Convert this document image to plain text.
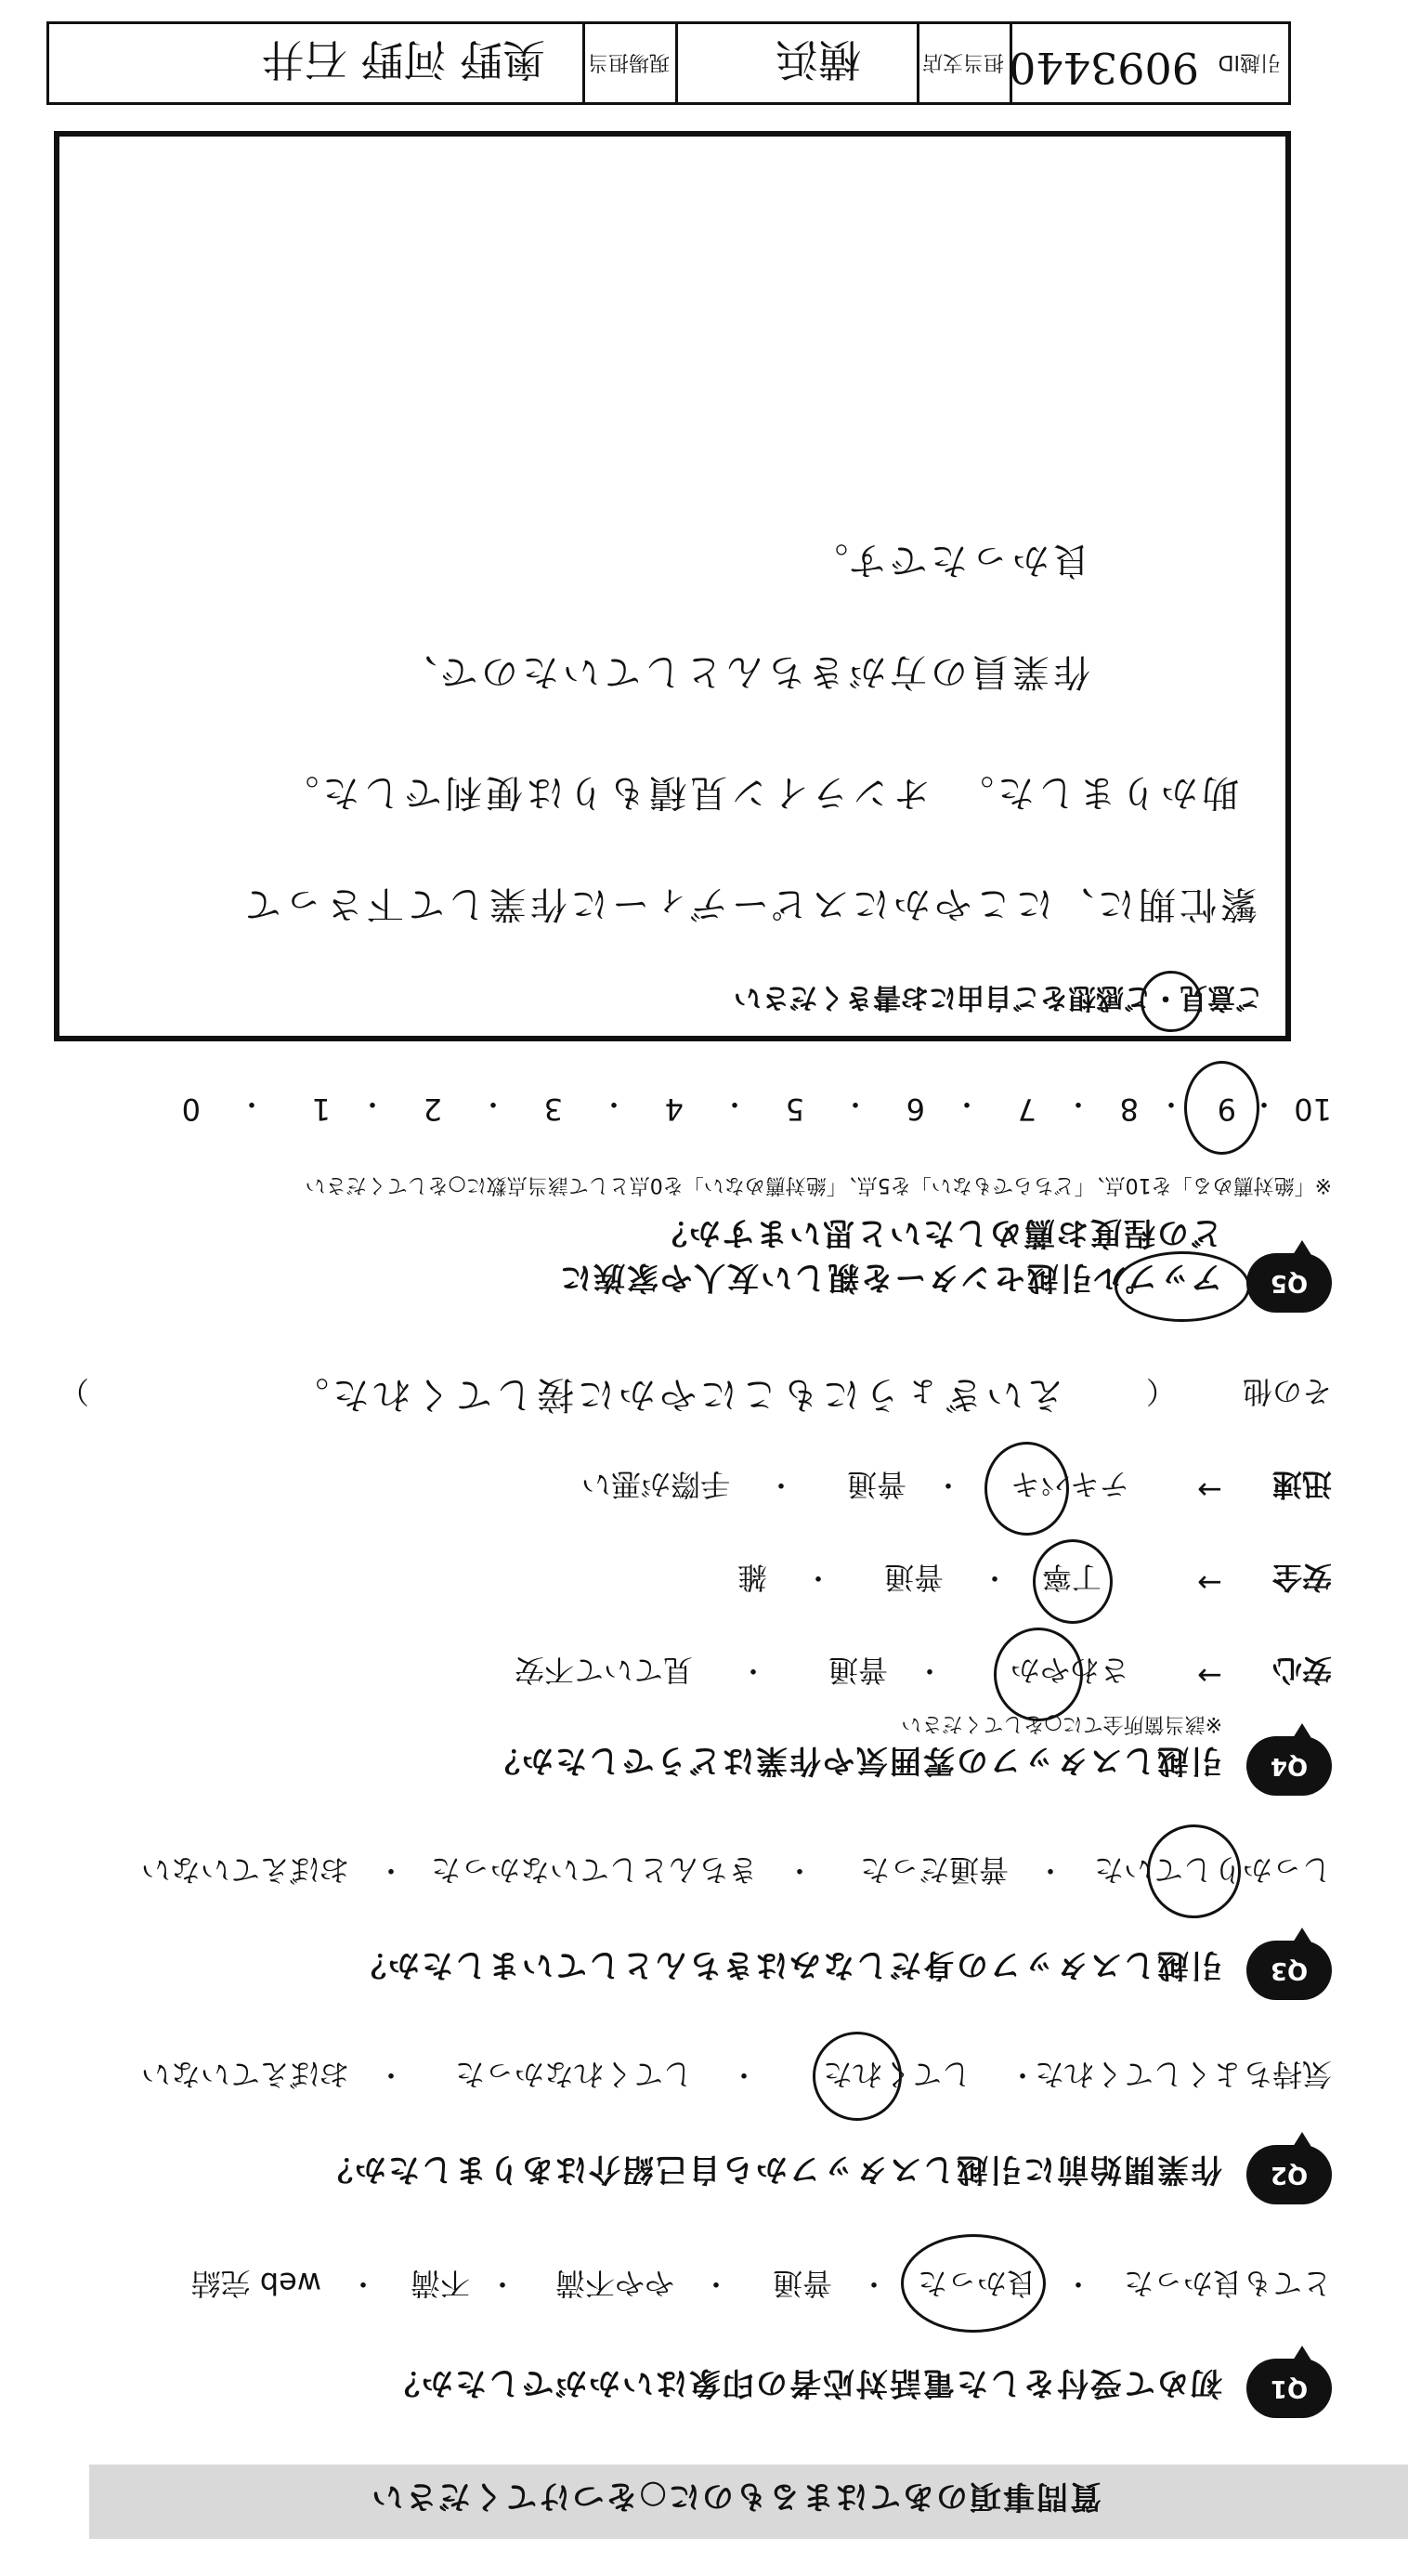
質問事項のあてはまるものに○をつけてください
Q1
初めて受付をした電話対応者の印象はいかがでしたか？
とても良かった
・
良かった
・
普通
・
やや不満
・
不満
・
web 完結
Q2
作業開始前に引越しスタッフから自己紹介はありましたか？
気持ちよくしてくれた
・
してくれた
・
してくれなかった
・
おぼえていない
Q3
引越しスタッフの身だしなみはきちんとしていましたか？
しっかりしていた
・
普通だった
・
きちんとしていなかった
・
おぼえていない
Q4
引越しスタッフの雰囲気や作業はどうでしたか？
※該当箇所全てに○をしてください
安心
→
さわやか
・
普通
・
見ていて不安
安全
→
丁寧
・
普通
・
雑
迅速
→
テキパキ
・
普通
・
手際が悪い
その他
（
えいぎょうにもこにやかに接してくれた。
）
Q5
アップル引越センターを親しい友人や家族に
どの程度お薦めしたいと思いますか？
※「絶対薦める」を10点、「どちらでもない」を5点、「絶対薦めない」を0点として該当点数に○をしてください
10
・
9
・
8
・
7
・
6
・
5
・
4
・
3
・
2
・
1
・
0
ご意見・ご感想をご自由にお書きください
繁忙期に、にこやかにスピーディーに作業して下さって
助かりました。　オンライン見積もりは便利でした。
作業員の方がきちんとしていたので、
良かったです。
引越ID
9093440
担当支店
横浜
現場担当
奥野 河野 石井
